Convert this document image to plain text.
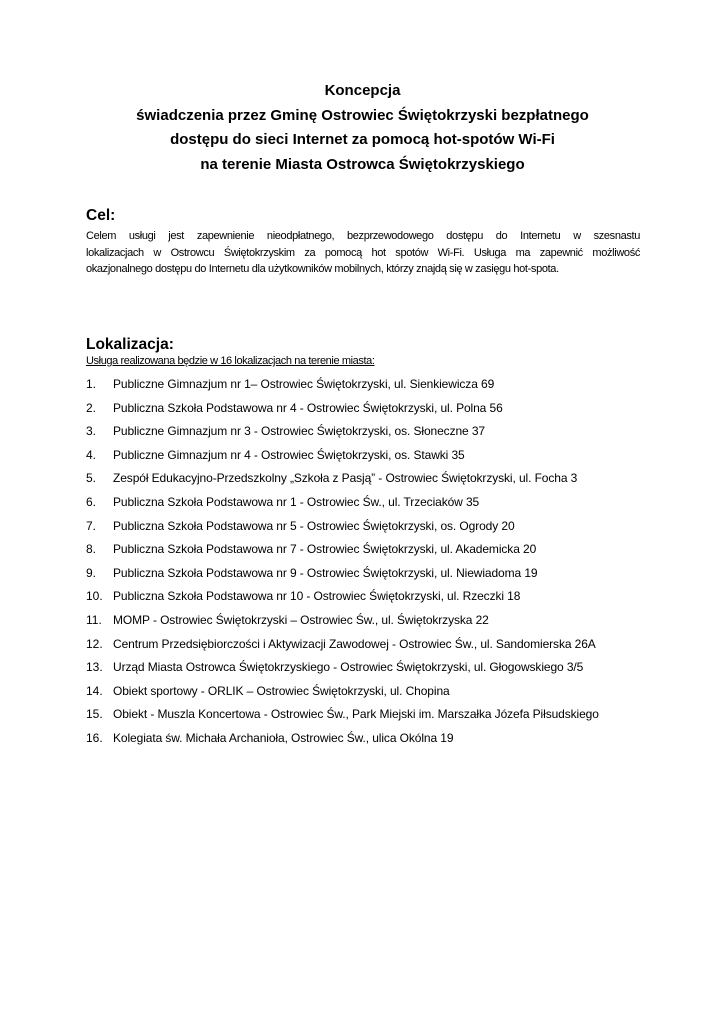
Koncepcja
świadczenia przez Gminę Ostrowiec Świętokrzyski bezpłatnego
dostępu do sieci Internet za pomocą hot-spotów Wi-Fi
na terenie Miasta Ostrowca Świętokrzyskiego
Cel:
Celem usługi jest zapewnienie nieodpłatnego, bezprzewodowego dostępu do Internetu w szesnastu
lokalizacjach w Ostrowcu Świętokrzyskim za pomocą hot spotów Wi-Fi. Usługa ma zapewnić możliwość
okazjonalnego dostępu do Internetu dla użytkowników mobilnych, którzy znajdą się w zasięgu hot-spota.
Lokalizacja:
Usługa realizowana będzie w 16 lokalizacjach na terenie miasta:
1. Publiczne Gimnazjum nr 1– Ostrowiec Świętokrzyski, ul. Sienkiewicza 69
2. Publiczna Szkoła Podstawowa nr 4 - Ostrowiec Świętokrzyski, ul. Polna 56
3. Publiczne Gimnazjum nr 3 - Ostrowiec Świętokrzyski, os. Słoneczne 37
4. Publiczne Gimnazjum nr 4 - Ostrowiec Świętokrzyski, os. Stawki 35
5. Zespół Edukacyjno-Przedszkolny „Szkoła z Pasją” - Ostrowiec Świętokrzyski, ul. Focha 3
6. Publiczna Szkoła Podstawowa nr 1 - Ostrowiec Św., ul. Trzeciaków 35
7. Publiczna Szkoła Podstawowa nr 5 - Ostrowiec Świętokrzyski, os. Ogrody 20
8. Publiczna Szkoła Podstawowa nr 7 - Ostrowiec Świętokrzyski, ul. Akademicka 20
9. Publiczna Szkoła Podstawowa nr 9 - Ostrowiec Świętokrzyski, ul. Niewiadoma 19
10. Publiczna Szkoła Podstawowa nr 10 - Ostrowiec Świętokrzyski, ul. Rzeczki 18
11. MOMP - Ostrowiec Świętokrzyski – Ostrowiec Św., ul. Świętokrzyska 22
12. Centrum Przedsiębiorczości i Aktywizacji Zawodowej - Ostrowiec Św., ul. Sandomierska 26A
13. Urząd Miasta Ostrowca Świętokrzyskiego - Ostrowiec Świętokrzyski, ul. Głogowskiego 3/5
14. Obiekt sportowy - ORLIK – Ostrowiec Świętokrzyski, ul. Chopina
15. Obiekt - Muszla Koncertowa - Ostrowiec Św., Park Miejski im. Marszałka Józefa Piłsudskiego
16. Kolegiata św. Michała Archanioła, Ostrowiec Św., ulica Okólna 19
